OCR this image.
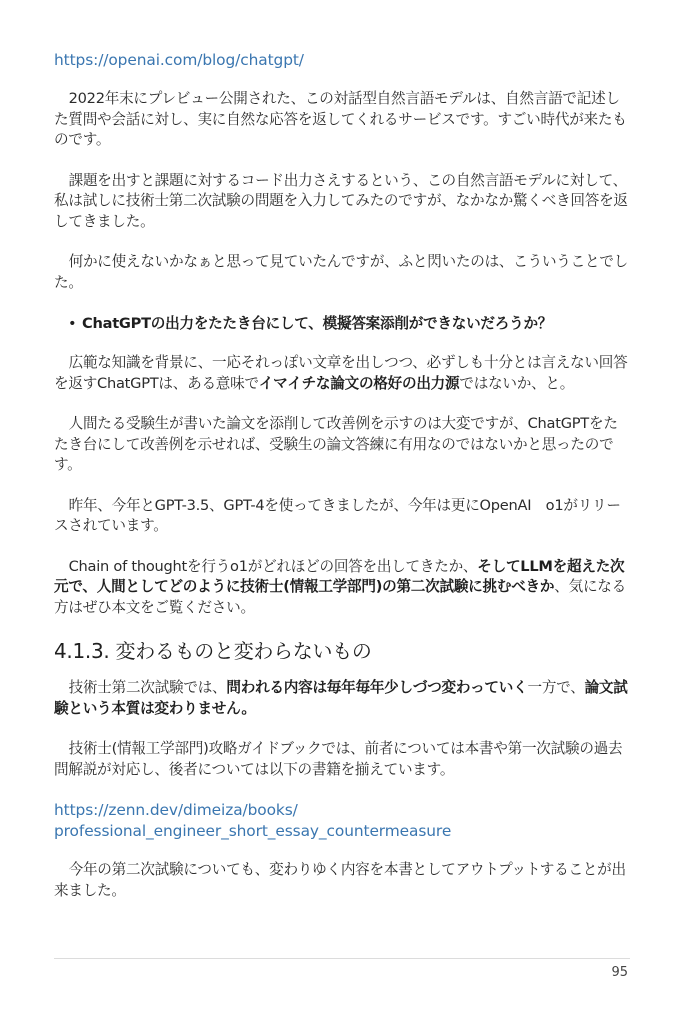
https://openai.com/blog/chatgpt/

2022年末にプレビュー公開された、この対話型自然言語モデルは、自然言語で記述した質問や会話に対し、実に自然な応答を返してくれるサービスです。すごい時代が来たものです。

課題を出すと課題に対するコード出力さえするという、この自然言語モデルに対して、私は試しに技術士第二次試験の問題を入力してみたのですが、なかなか驚くべき回答を返してきました。

何かに使えないかなぁと思って見ていたんですが、ふと閃いたのは、こういうことでした。

• ChatGPTの出力をたたき台にして、模擬答案添削ができないだろうか？

広範な知識を背景に、一応それっぽい文章を出しつつ、必ずしも十分とは言えない回答を返すChatGPTは、ある意味でイマイチな論文の格好の出力源ではないか、と。

人間たる受験生が書いた論文を添削して改善例を示すのは大変ですが、ChatGPTをたたき台にして改善例を示せれば、受験生の論文答練に有用なのではないかと思ったのです。

昨年、今年とGPT-3.5、GPT-4を使ってきましたが、今年は更にOpenAI　o1がリリースされています。

Chain of thoughtを行うo1がどれほどの回答を出してきたか、そしてLLMを超えた次元で、人間としてどのように技術士(情報工学部門)の第二次試験に挑むべきか、気になる方はぜひ本文をご覧ください。

4.1.3. 変わるものと変わらないもの

技術士第二次試験では、問われる内容は毎年毎年少しづつ変わっていく一方で、論文試験という本質は変わりません。

技術士(情報工学部門)攻略ガイドブックでは、前者については本書や第一次試験の過去問解説が対応し、後者については以下の書籍を揃えています。

https://zenn.dev/dimeiza/books/
professional_engineer_short_essay_countermeasure

今年の第二次試験についても、変わりゆく内容を本書としてアウトプットすることが出来ました。

95
